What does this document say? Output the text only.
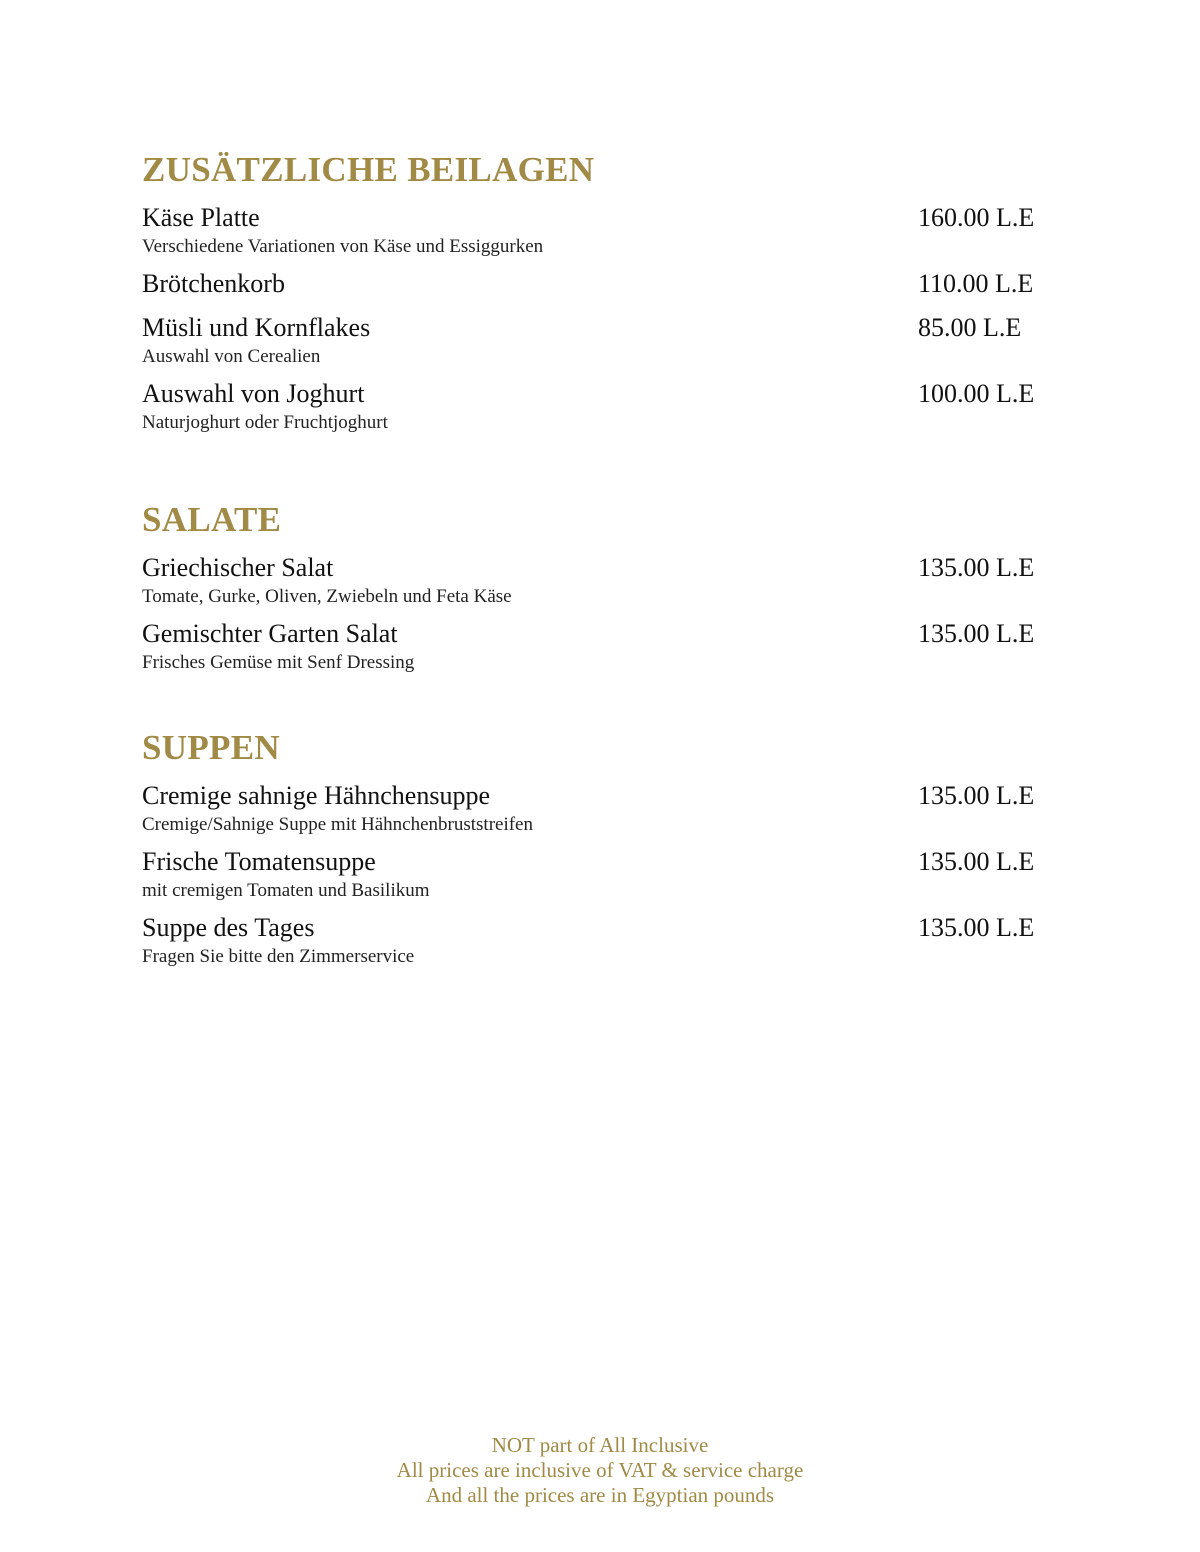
ZUSÄTZLICHE BEILAGEN
Käse Platte	160.00 L.E
Verschiedene Variationen von Käse und Essiggurken
Brötchenkorb	110.00 L.E
Müsli und Kornflakes	85.00 L.E
Auswahl von Cerealien
Auswahl von Joghurt	100.00 L.E
Naturjoghurt oder Fruchtjoghurt
SALATE
Griechischer Salat	135.00 L.E
Tomate, Gurke, Oliven, Zwiebeln und Feta Käse
Gemischter Garten Salat	135.00 L.E
Frisches Gemüse mit Senf Dressing
SUPPEN
Cremige sahnige Hähnchensuppe	135.00 L.E
Cremige/Sahnige Suppe mit Hähnchenbruststreifen
Frische Tomatensuppe	135.00 L.E
mit cremigen Tomaten und Basilikum
Suppe des Tages	135.00 L.E
Fragen Sie bitte den Zimmerservice
NOT part of All Inclusive
All prices are inclusive of VAT & service charge
And all the prices are in Egyptian pounds
